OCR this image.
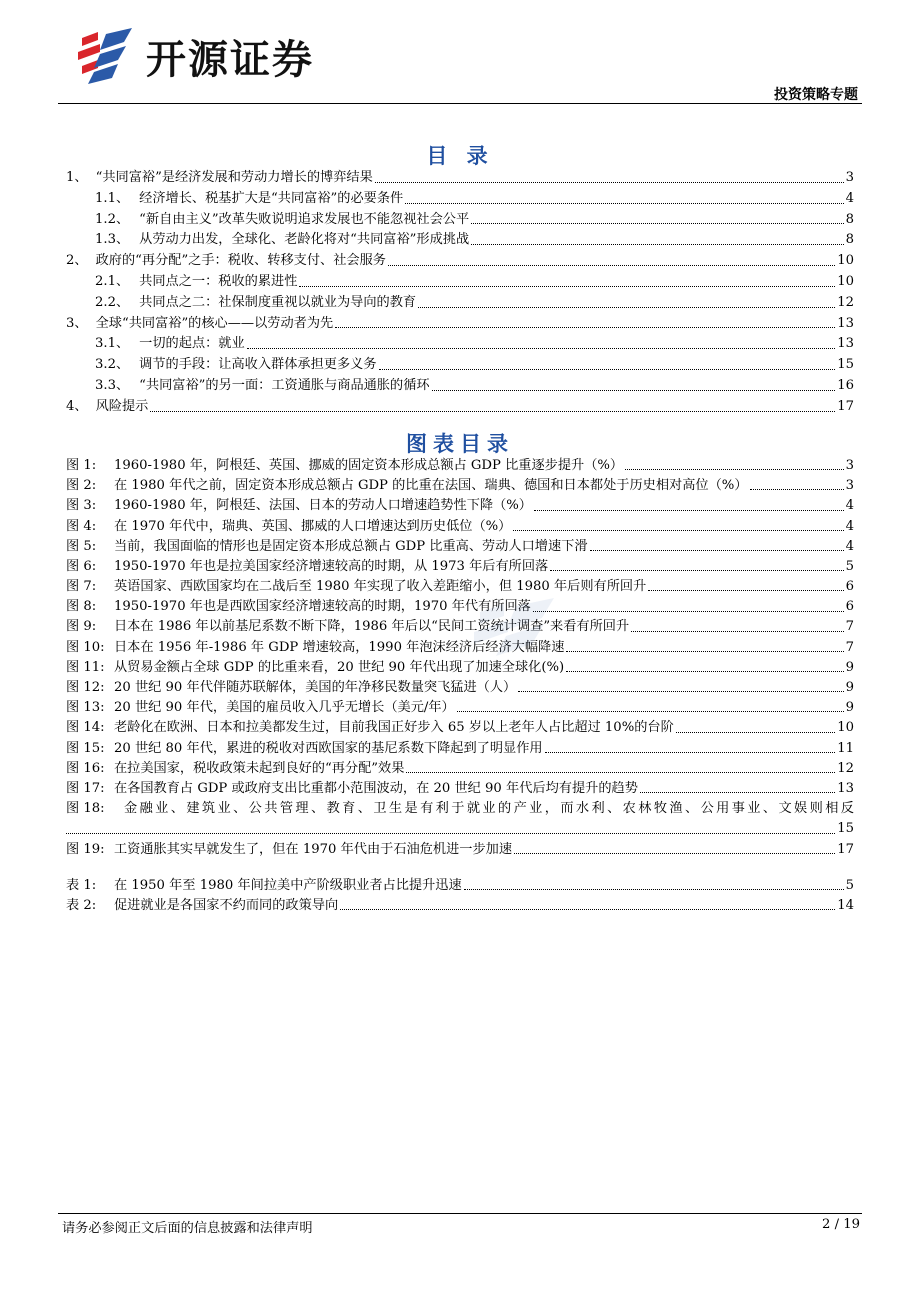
开源证券
投资策略专题
目 录
1、 “共同富裕”是经济发展和劳动力增长的博弈结果	3
1.1、 经济增长、税基扩大是“共同富裕”的必要条件	4
1.2、 “新自由主义”改革失败说明追求发展也不能忽视社会公平	8
1.3、 从劳动力出发，全球化、老龄化将对“共同富裕”形成挑战	8
2、 政府的“再分配”之手：税收、转移支付、社会服务	10
2.1、 共同点之一：税收的累进性	10
2.2、 共同点之二：社保制度重视以就业为导向的教育	12
3、 全球“共同富裕”的核心——以劳动者为先	13
3.1、 一切的起点：就业	13
3.2、 调节的手段：让高收入群体承担更多义务	15
3.3、 “共同富裕”的另一面：工资通胀与商品通胀的循环	16
4、 风险提示	17
图表目录
图 1:	1960-1980 年，阿根廷、英国、挪威的固定资本形成总额占 GDP 比重逐步提升（%）	3
图 2:	在 1980 年代之前，固定资本形成总额占 GDP 的比重在法国、瑞典、德国和日本都处于历史相对高位（%）	3
图 3:	1960-1980 年，阿根廷、法国、日本的劳动人口增速趋势性下降（%）	4
图 4:	在 1970 年代中，瑞典、英国、挪威的人口增速达到历史低位（%）	4
图 5:	当前，我国面临的情形也是固定资本形成总额占 GDP 比重高、劳动人口增速下滑	4
图 6:	1950-1970 年也是拉美国家经济增速较高的时期，从 1973 年后有所回落	5
图 7:	英语国家、西欧国家均在二战后至 1980 年实现了收入差距缩小，但 1980 年后则有所回升	6
图 8:	1950-1970 年也是西欧国家经济增速较高的时期，1970 年代有所回落	6
图 9:	日本在 1986 年以前基尼系数不断下降，1986 年后以“民间工资统计调查”来看有所回升	7
图 10: 日本在 1956 年-1986 年 GDP 增速较高，1990 年泡沫经济后经济大幅降速	7
图 11: 从贸易金额占全球 GDP 的比重来看，20 世纪 90 年代出现了加速全球化(%)	9
图 12: 20 世纪 90 年代伴随苏联解体，美国的年净移民数量突飞猛进（人）	9
图 13: 20 世纪 90 年代，美国的雇员收入几乎无增长（美元/年）	9
图 14: 老龄化在欧洲、日本和拉美都发生过，目前我国正好步入 65 岁以上老年人占比超过 10%的台阶	10
图 15: 20 世纪 80 年代，累进的税收对西欧国家的基尼系数下降起到了明显作用	11
图 16: 在拉美国家，税收政策未起到良好的“再分配”效果	12
图 17: 在各国教育占 GDP 或政府支出比重都小范围波动，在 20 世纪 90 年代后均有提升的趋势	13
图 18:	金融业、建筑业、公共管理、教育、卫生是有利于就业的产业，而水利、农林牧渔、公用事业、文娱则相反
15
图 19: 工资通胀其实早就发生了，但在 1970 年代由于石油危机进一步加速	17
表 1:	在 1950 年至 1980 年间拉美中产阶级职业者占比提升迅速	5
表 2:	促进就业是各国家不约而同的政策导向	14
请务必参阅正文后面的信息披露和法律声明	2 / 19
